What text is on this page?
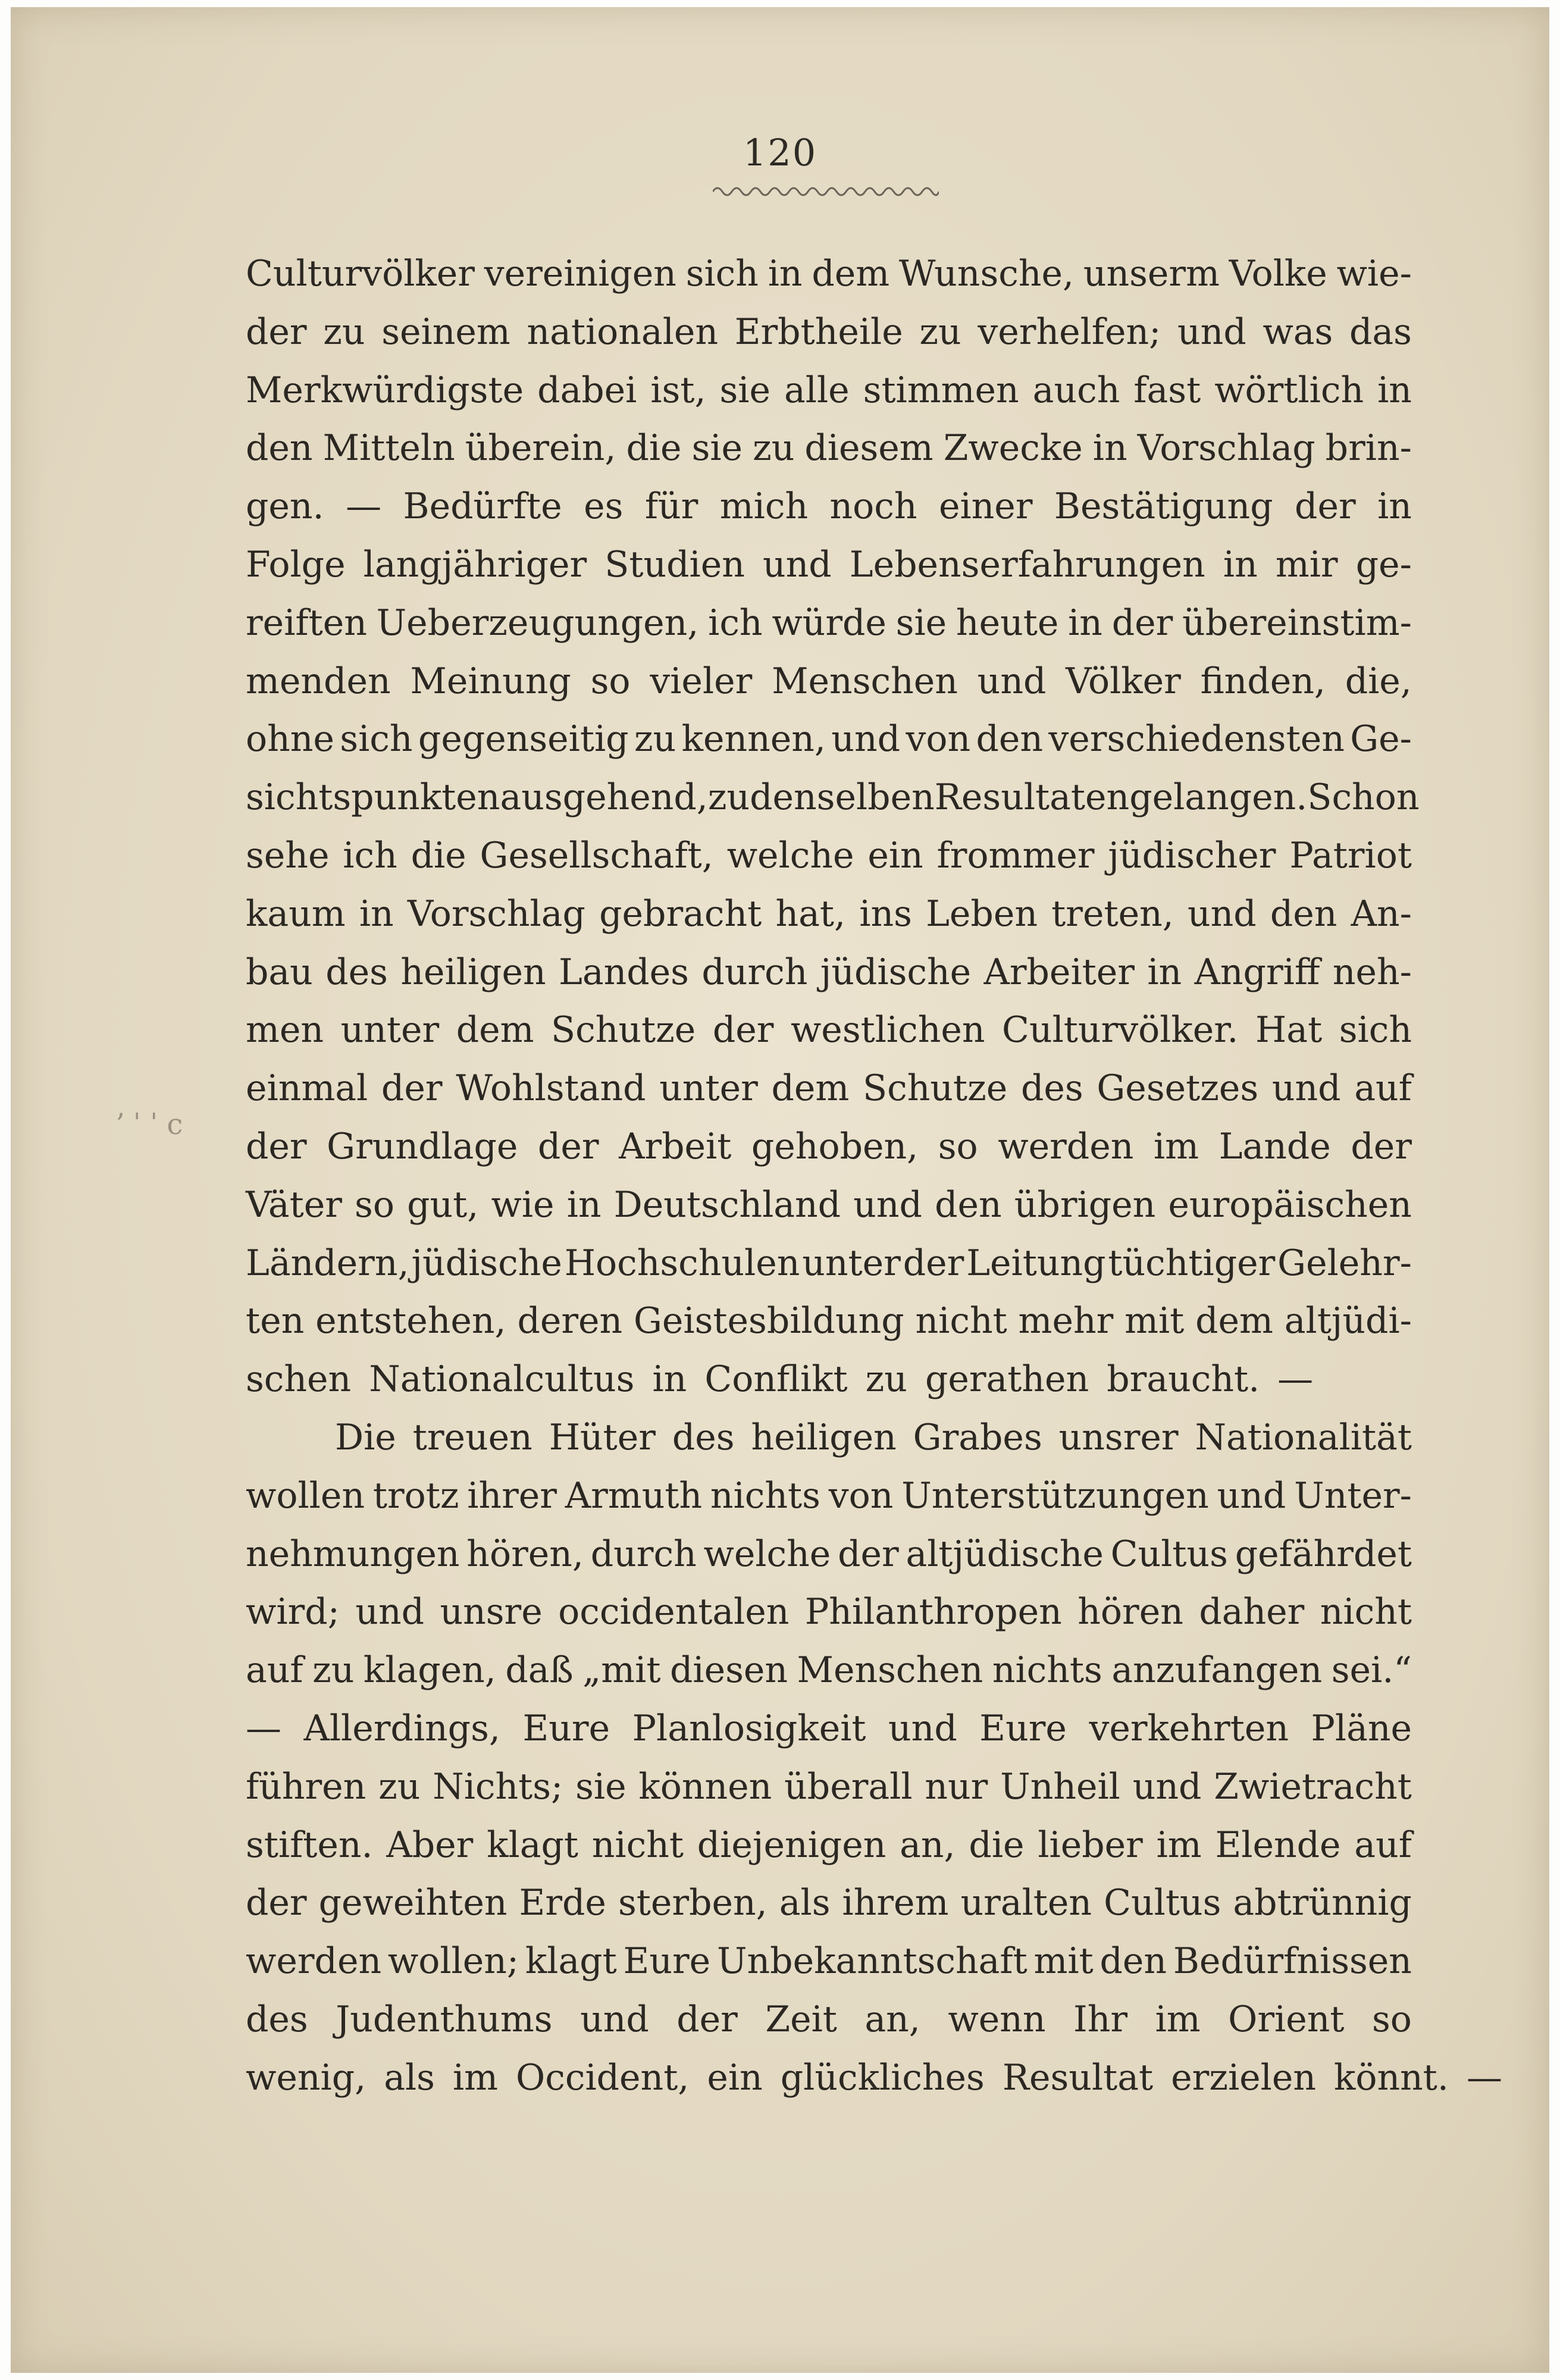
120
ʼ ˈ ˈ c
Culturvölker vereinigen sich in dem Wunsche, unserm Volke wie-
der zu seinem nationalen Erbtheile zu verhelfen; und was das
Merkwürdigste dabei ist, sie alle stimmen auch fast wörtlich in
den Mitteln überein, die sie zu diesem Zwecke in Vorschlag brin-
gen. — Bedürfte es für mich noch einer Bestätigung der in
Folge langjähriger Studien und Lebenserfahrungen in mir ge-
reiften Ueberzeugungen, ich würde sie heute in der übereinstim-
menden Meinung so vieler Menschen und Völker finden, die,
ohne sich gegenseitig zu kennen, und von den verschiedensten Ge-
sichtspunkten ausgehend, zu denselben Resultaten gelangen. Schon
sehe ich die Gesellschaft, welche ein frommer jüdischer Patriot
kaum in Vorschlag gebracht hat, ins Leben treten, und den An-
bau des heiligen Landes durch jüdische Arbeiter in Angriff neh-
men unter dem Schutze der westlichen Culturvölker. Hat sich
einmal der Wohlstand unter dem Schutze des Gesetzes und auf
der Grundlage der Arbeit gehoben, so werden im Lande der
Väter so gut, wie in Deutschland und den übrigen europäischen
Ländern, jüdische Hochschulen unter der Leitung tüchtiger Gelehr-
ten entstehen, deren Geistesbildung nicht mehr mit dem altjüdi-
schen Nationalcultus in Conflikt zu gerathen braucht. —
Die treuen Hüter des heiligen Grabes unsrer Nationalität
wollen trotz ihrer Armuth nichts von Unterstützungen und Unter-
nehmungen hören, durch welche der altjüdische Cultus gefährdet
wird; und unsre occidentalen Philanthropen hören daher nicht
auf zu klagen, daß „mit diesen Menschen nichts anzufangen sei.“
— Allerdings, Eure Planlosigkeit und Eure verkehrten Pläne
führen zu Nichts; sie können überall nur Unheil und Zwietracht
stiften. Aber klagt nicht diejenigen an, die lieber im Elende auf
der geweihten Erde sterben, als ihrem uralten Cultus abtrünnig
werden wollen; klagt Eure Unbekanntschaft mit den Bedürfnissen
des Judenthums und der Zeit an, wenn Ihr im Orient so
wenig, als im Occident, ein glückliches Resultat erzielen könnt. —
